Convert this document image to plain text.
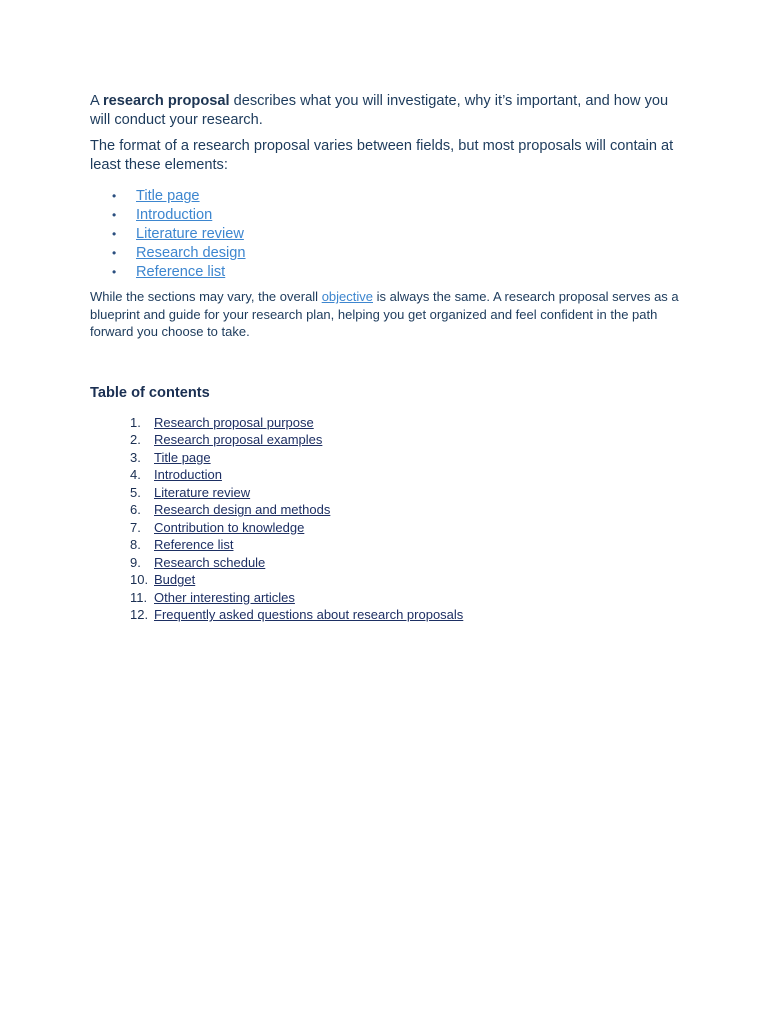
A research proposal describes what you will investigate, why it’s important, and how you will conduct your research.

The format of a research proposal varies between fields, but most proposals will contain at least these elements:

• Title page
• Introduction
• Literature review
• Research design
• Reference list

While the sections may vary, the overall objective is always the same. A research proposal serves as a blueprint and guide for your research plan, helping you get organized and feel confident in the path forward you choose to take.

Table of contents
1. Research proposal purpose
2. Research proposal examples
3. Title page
4. Introduction
5. Literature review
6. Research design and methods
7. Contribution to knowledge
8. Reference list
9. Research schedule
10. Budget
11. Other interesting articles
12. Frequently asked questions about research proposals
